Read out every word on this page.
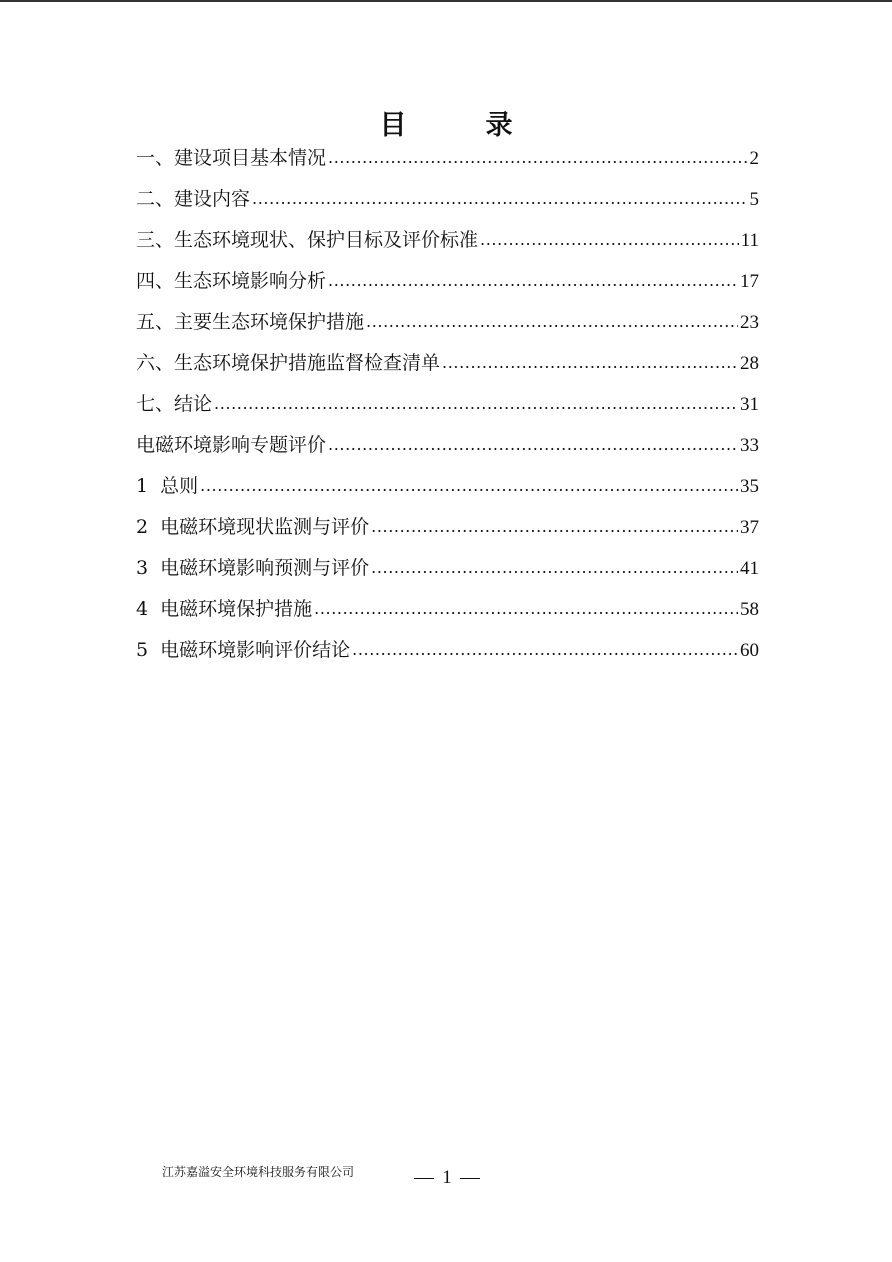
目　录
一、建设项目基本情况 .....	2
二、建设内容 .....	5
三、生态环境现状、保护目标及评价标准 .....	11
四、生态环境影响分析 .....	17
五、主要生态环境保护措施 .....	23
六、生态环境保护措施监督检查清单 .....	28
七、结论 .....	31
电磁环境影响专题评价 .....	33
1  总则 .....	35
2  电磁环境现状监测与评价 .....	37
3  电磁环境影响预测与评价 .....	41
4  电磁环境保护措施 .....	58
5  电磁环境影响评价结论 .....	60
江苏嘉溢安全环境科技服务有限公司	1
